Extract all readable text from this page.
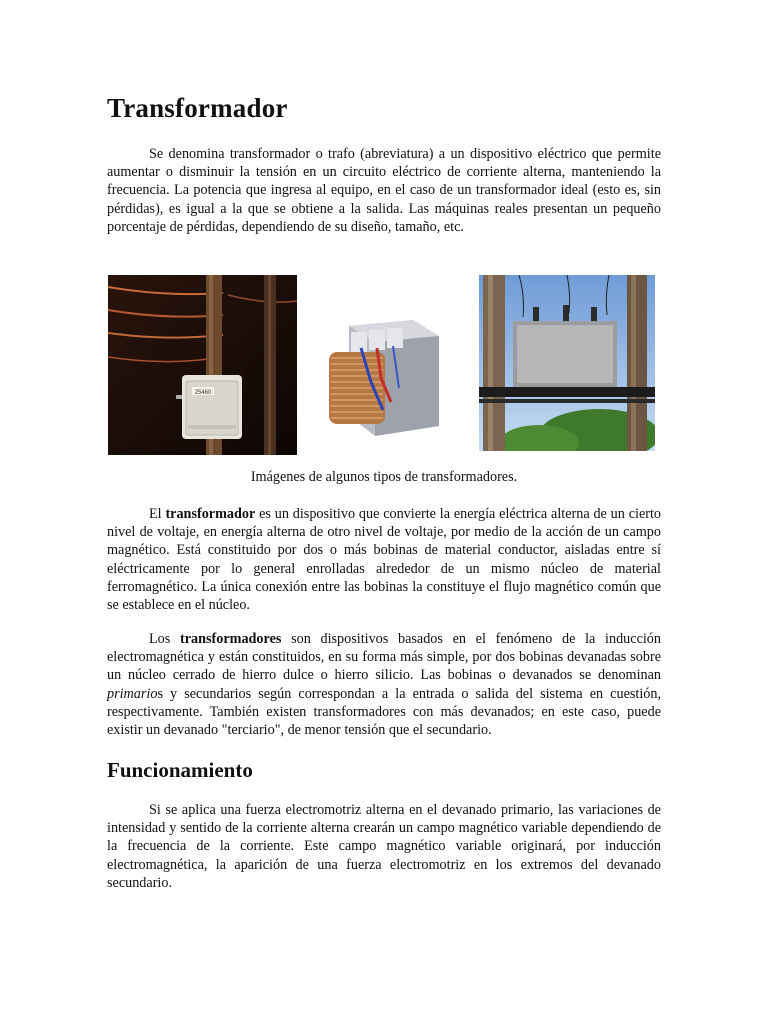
Transformador

Se denomina transformador o trafo (abreviatura) a un dispositivo eléctrico que permite aumentar o disminuir la tensión en un circuito eléctrico de corriente alterna, manteniendo la frecuencia. La potencia que ingresa al equipo, en el caso de un transformador ideal (esto es, sin pérdidas), es igual a la que se obtiene a la salida. Las máquinas reales presentan un pequeño porcentaje de pérdidas, dependiendo de su diseño, tamaño, etc.

25460
Imágenes de algunos tipos de transformadores.

El transformador es un dispositivo que convierte la energía eléctrica alterna de un cierto nivel de voltaje, en energía alterna de otro nivel de voltaje, por medio de la acción de un campo magnético. Está constituido por dos o más bobinas de material conductor, aisladas entre sí eléctricamente por lo general enrolladas alrededor de un mismo núcleo de material ferromagnético. La única conexión entre las bobinas la constituye el flujo magnético común que se establece en el núcleo.

Los transformadores son dispositivos basados en el fenómeno de la inducción electromagnética y están constituidos, en su forma más simple, por dos bobinas devanadas sobre un núcleo cerrado de hierro dulce o hierro silicio. Las bobinas o devanados se denominan primarios y secundarios según correspondan a la entrada o salida del sistema en cuestión, respectivamente. También existen transformadores con más devanados; en este caso, puede existir un devanado "terciario", de menor tensión que el secundario.

Funcionamiento

Si se aplica una fuerza electromotriz alterna en el devanado primario, las variaciones de intensidad y sentido de la corriente alterna crearán un campo magnético variable dependiendo de la frecuencia de la corriente. Este campo magnético variable originará, por inducción electromagnética, la aparición de una fuerza electromotriz en los extremos del devanado secundario.
